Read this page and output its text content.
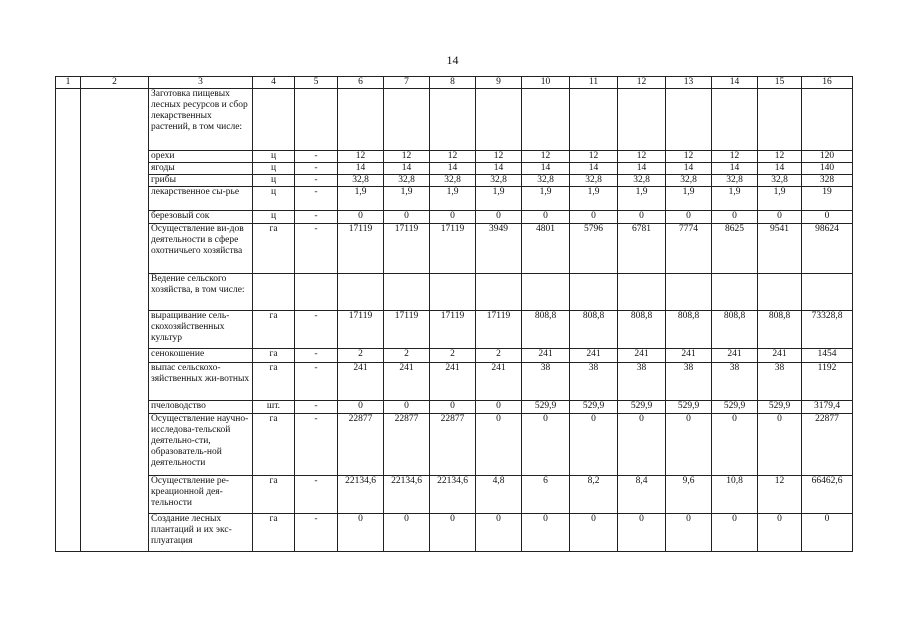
14
1	2	3	4	5	6	7	8	9	10	11	12	13	14	15	16
		Заготовка пищевых лесных ресурсов и сбор лекарственных растений, в том числе:													
		орехи	ц	-	12	12	12	12	12	12	12	12	12	12	120
		ягоды	ц	-	14	14	14	14	14	14	14	14	14	14	140
		грибы	ц	-	32,8	32,8	32,8	32,8	32,8	32,8	32,8	32,8	32,8	32,8	328
		лекарственное сы-рье	ц	-	1,9	1,9	1,9	1,9	1,9	1,9	1,9	1,9	1,9	1,9	19
		березовый сок	ц	-	0	0	0	0	0	0	0	0	0	0	0
		Осуществление ви-дов деятельности в сфере охотничьего хозяйства	га	-	17119	17119	17119	3949	4801	5796	6781	7774	8625	9541	98624
		Ведение сельского хозяйства, в том числе:													
		выращивание сель-скохозяйственных культур	га	-	17119	17119	17119	17119	808,8	808,8	808,8	808,8	808,8	808,8	73328,8
		сенокошение	га	-	2	2	2	2	241	241	241	241	241	241	1454
		выпас сельскохо-зяйственных жи-вотных	га	-	241	241	241	241	38	38	38	38	38	38	1192
		пчеловодство	шт.	-	0	0	0	0	529,9	529,9	529,9	529,9	529,9	529,9	3179,4
		Осуществление научно-исследова-тельской деятельно-сти, образователь-ной деятельности	га	-	22877	22877	22877	0	0	0	0	0	0	0	22877
		Осуществление ре-креационной дея-тельности	га	-	22134,6	22134,6	22134,6	4,8	6	8,2	8,4	9,6	10,8	12	66462,6
		Создание лесных плантаций и их экс-плуатация	га	-	0	0	0	0	0	0	0	0	0	0	0
